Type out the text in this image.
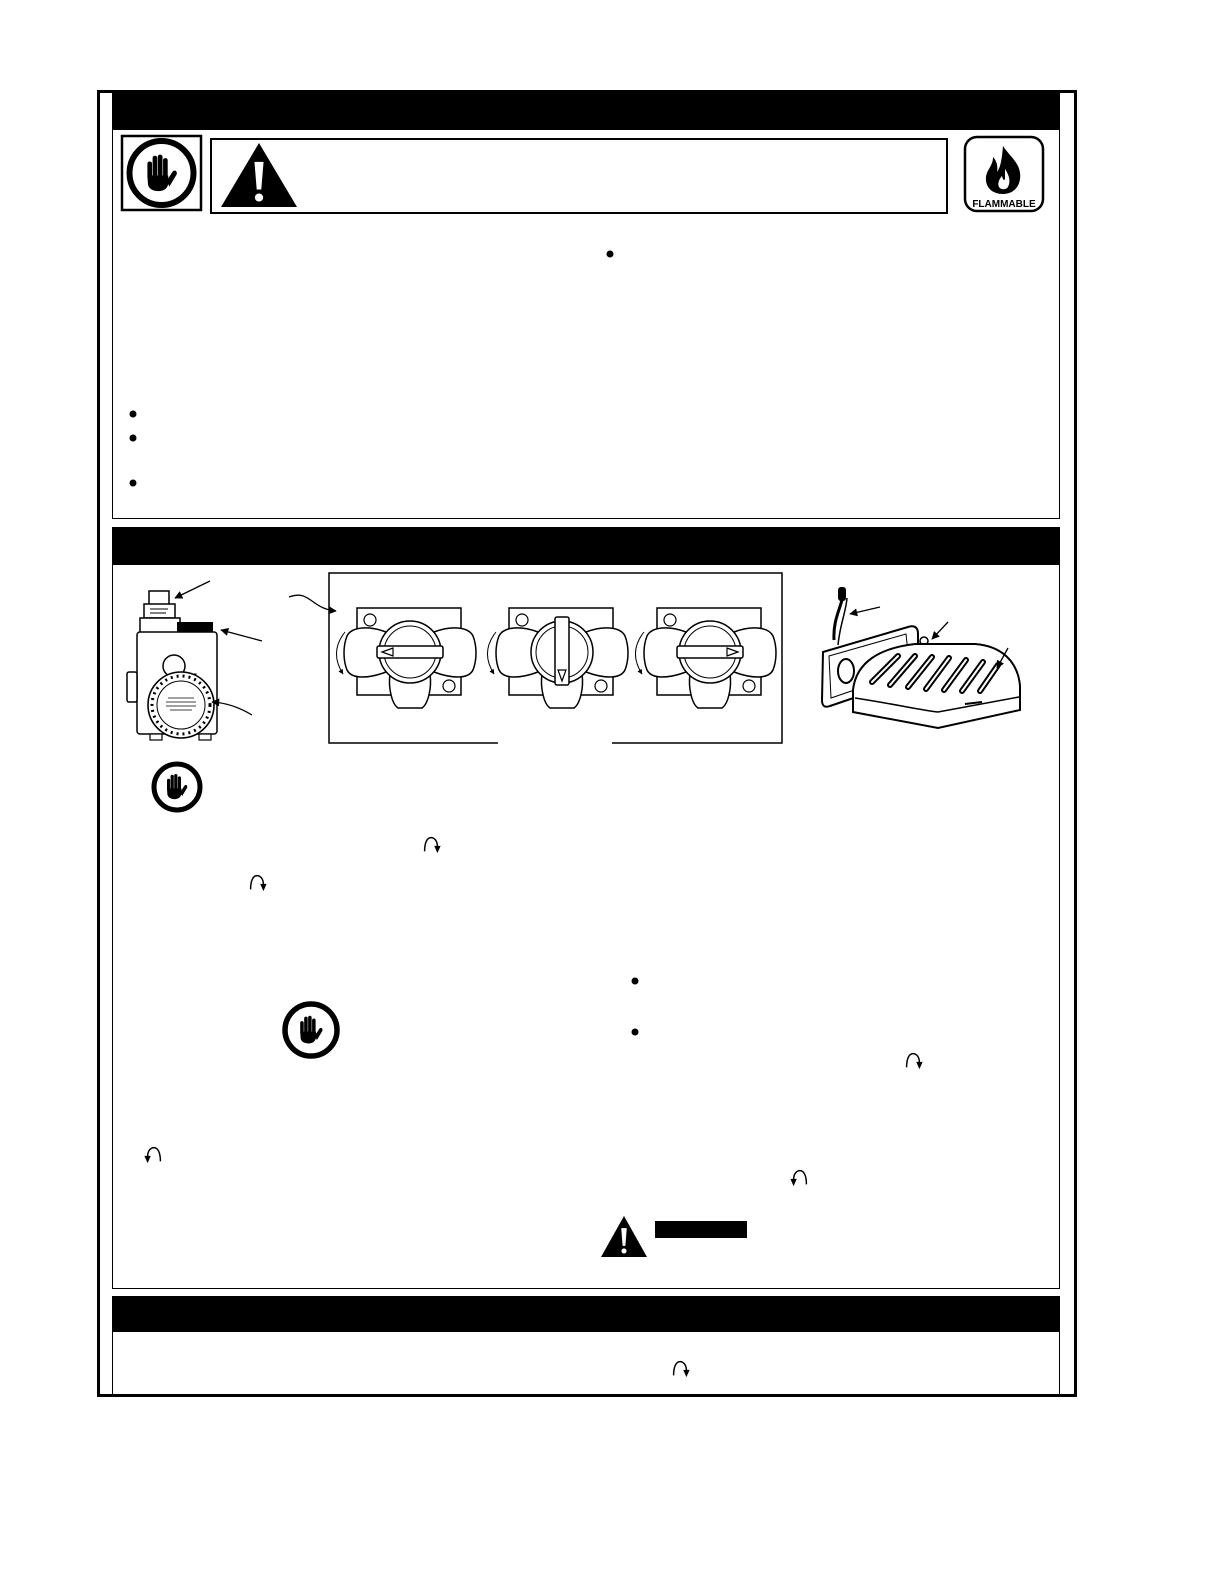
FLAMMABLE
